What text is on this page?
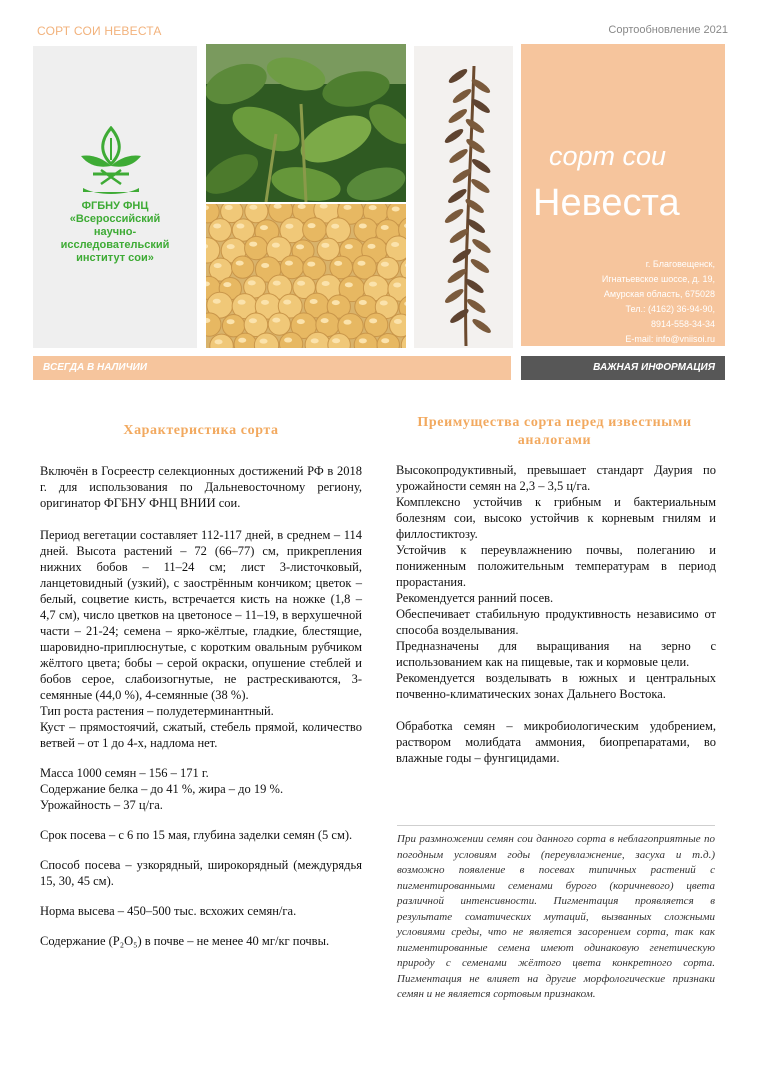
СОРТ СОИ НЕВЕСТА	Сортообновление 2021
ФГБНУ ФНЦ
«Всероссийский
научно-
исследовательский
институт сои»
сорт сои
Невеста
г. Благовещенск,
Игнатьевское шоссе, д. 19,
Амурская область, 675028
Тел.: (4162) 36-94-90,
8914-558-34-34
E-mail: info@vniisoi.ru
ВСЕГДА В НАЛИЧИИ	ВАЖНАЯ ИНФОРМАЦИЯ
Характеристика сорта

Включён в Госреестр селекционных достижений РФ в 2018 г. для использования по Дальневосточному региону, оригинатор ФГБНУ ФНЦ ВНИИ сои.

Период вегетации составляет 112-117 дней, в среднем – 114 дней. Высота растений – 72 (66–77) см, прикрепления нижних бобов – 11–24 см; лист 3-листочковый, ланцетовидный (узкий), с заострённым кончиком; цветок – белый, соцветие кисть, встречается кисть на ножке (1,8 – 4,7 см), число цветков на цветоносе – 11–19, в верхушечной части – 21-24; семена – ярко-жёлтые, гладкие, блестящие, шаровидно-приплюснутые, с коротким овальным рубчиком жёлтого цвета; бобы – серой окраски, опушение стеблей и бобов серое, слабоизогнутые, не растрескиваются, 3-семянные (44,0 %), 4-семянные (38 %).
Тип роста растения – полудетерминантный.
Куст – прямостоячий, сжатый, стебель прямой, количество ветвей – от 1 до 4-х, надлома нет.

Масса 1000 семян – 156 – 171 г.
Содержание белка – до 41 %, жира – до 19 %.
Урожайность – 37 ц/га.

Срок посева – с 6 по 15 мая, глубина заделки семян (5 см).

Способ посева – узкорядный, широкорядный (междурядья 15, 30, 45 см).

Норма высева – 450–500 тыс. всхожих семян/га.

Содержание (P₂O₅) в почве – не менее 40 мг/кг почвы.

Преимущества сорта перед известными аналогами

Высокопродуктивный, превышает стандарт Даурия по урожайности семян на 2,3 – 3,5 ц/га.
Комплексно устойчив к грибным и бактериальным болезням сои, высоко устойчив к корневым гнилям и филлостиктозу.
Устойчив к переувлажнению почвы, полеганию и пониженным положительным температурам в период прорастания.
Рекомендуется ранний посев.
Обеспечивает стабильную продуктивность независимо от способа возделывания.
Предназначены для выращивания на зерно с использованием как на пищевые, так и кормовые цели.
Рекомендуется возделывать в южных и центральных почвенно-климатических зонах Дальнего Востока.

Обработка семян – микробиологическим удобрением, раствором молибдата аммония, биопрепаратами, во влажные годы – фунгицидами.

При размножении семян сои данного сорта в неблагоприятные по погодным условиям годы (переувлажнение, засуха и т.д.) возможно появление в посевах типичных растений с пигментированными семенами бурого (коричневого) цвета различной интенсивности. Пигментация проявляется в результате соматических мутаций, вызванных сложными условиями среды, что не является засорением сорта, так как пигментированные семена имеют одинаковую генетическую природу с семенами жёлтого цвета конкретного сорта. Пигментация не влияет на другие морфологические признаки семян и не является сортовым признаком.
